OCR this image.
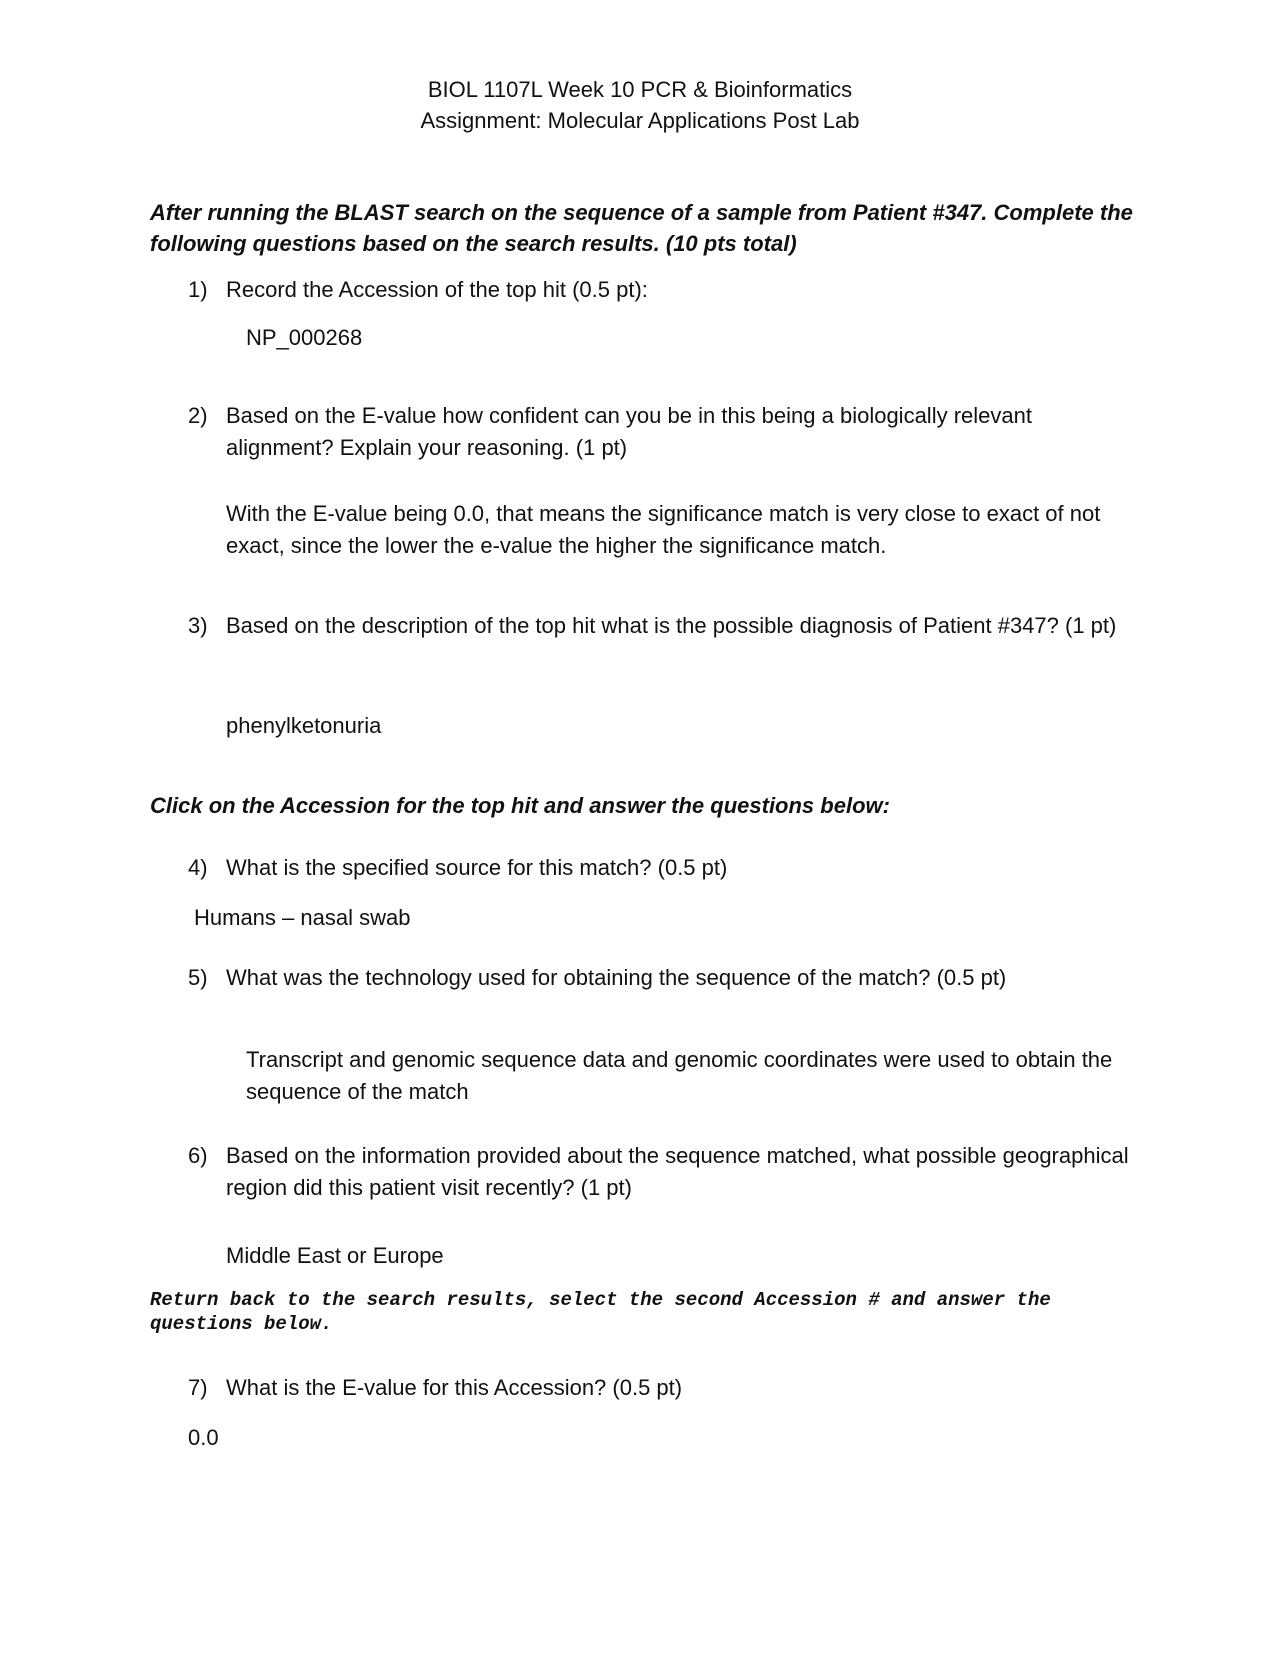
BIOL 1107L Week 10 PCR & Bioinformatics
Assignment: Molecular Applications Post Lab
After running the BLAST search on the sequence of a sample from Patient #347. Complete the following questions based on the search results. (10 pts total)
1) Record the Accession of the top hit (0.5 pt):
NP_000268
2) Based on the E-value how confident can you be in this being a biologically relevant alignment? Explain your reasoning. (1 pt)
With the E-value being 0.0, that means the significance match is very close to exact of not exact, since the lower the e-value the higher the significance match.
3) Based on the description of the top hit what is the possible diagnosis of Patient #347? (1 pt)
phenylketonuria
Click on the Accession for the top hit and answer the questions below:
4) What is the specified source for this match? (0.5 pt)
Humans – nasal swab
5) What was the technology used for obtaining the sequence of the match? (0.5 pt)
Transcript and genomic sequence data and genomic coordinates were used to obtain the sequence of the match
6) Based on the information provided about the sequence matched, what possible geographical region did this patient visit recently? (1 pt)
Middle East or Europe
Return back to the search results, select the second Accession # and answer the questions below.
7) What is the E-value for this Accession? (0.5 pt)
0.0
